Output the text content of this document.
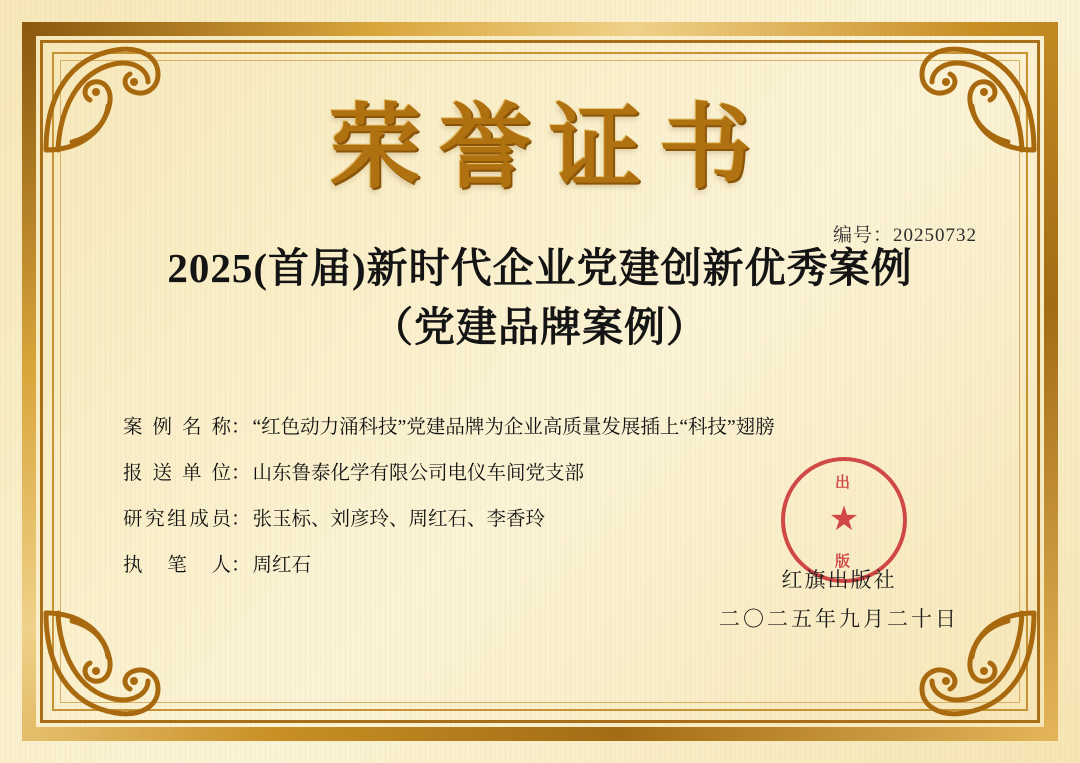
荣誉证书
编号：20250732
2025(首届)新时代企业党建创新优秀案例
（党建品牌案例）
案例名称 ： “红色动力涌科技”党建品牌为企业高质量发展插上“科技”翅膀
报送单位 ： 山东鲁泰化学有限公司电仪车间党支部
研究组成员 ： 张玉标、刘彦玲、周红石、李香玲
执笔人 ： 周红石
出
★
版
红旗出版社
二〇二五年九月二十日
